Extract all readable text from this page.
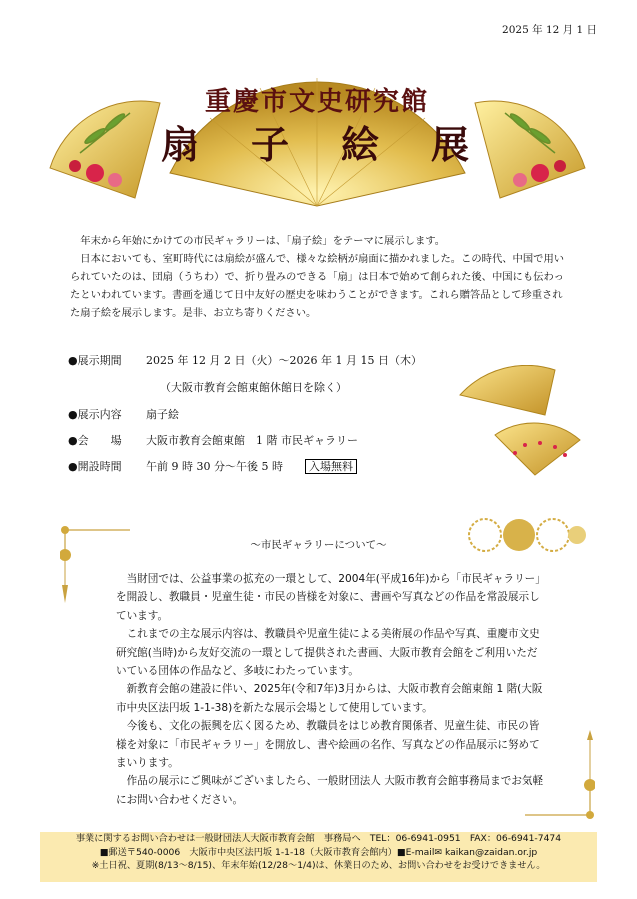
2025 年 12 月 1 日
重慶市文史研究館
扇 子 絵 展

年末から年始にかけての市民ギャラリーは、「扇子絵」をテーマに展示します。

日本においても、室町時代には扇絵が盛んで、様々な絵柄が扇面に描かれました。この時代、中国で用いられていたのは、団扇（うちわ）で、折り畳みのできる「扇」は日本で始めて創られた後、中国にも伝わったといわれています。書画を通じて日中友好の歴史を味わうことができます。これら贈答品として珍重された扇子絵を展示します。是非、お立ち寄りください。

●展示期間 2025 年 12 月 2 日（火）～2026 年 1 月 15 日（木）
（大阪市教育会館東館休館日を除く）
●展示内容 扇子絵
●会　　場 大阪市教育会館東館　1 階 市民ギャラリー
●開設時間 午前 9 時 30 分～午後 5 時 入場無料
～市民ギャラリーについて～

当財団では、公益事業の拡充の一環として、2004年(平成16年)から「市民ギャラリー」を開設し、教職員・児童生徒・市民の皆様を対象に、書画や写真などの作品を常設展示しています。

これまでの主な展示内容は、教職員や児童生徒による美術展の作品や写真、重慶市文史研究館(当時)から友好交流の一環として提供された書画、大阪市教育会館をご利用いただいている団体の作品など、多岐にわたっています。

新教育会館の建設に伴い、2025年(令和7年)3月からは、大阪市教育会館東館 1 階(大阪市中央区法円坂 1-1-38)を新たな展示会場として使用しています。

今後も、文化の振興を広く図るため、教職員をはじめ教育関係者、児童生徒、市民の皆様を対象に「市民ギャラリー」を開放し、書や絵画の名作、写真などの作品展示に努めてまいります。

作品の展示にご興味がございましたら、一般財団法人 大阪市教育会館事務局までお気軽にお問い合わせください。

事業に関するお問い合わせは一般財団法人大阪市教育会館　事務局へ　TEL：06-6941-0951　FAX：06-6941-7474
■郵送〒540-0006　大阪市中央区法円坂 1-1-18（大阪市教育会館内）■E-mail✉ kaikan@zaidan.or.jp
※土日祝、夏期(8/13～8/15)、年末年始(12/28～1/4)は、休業日のため、お問い合わせをお受けできません。
